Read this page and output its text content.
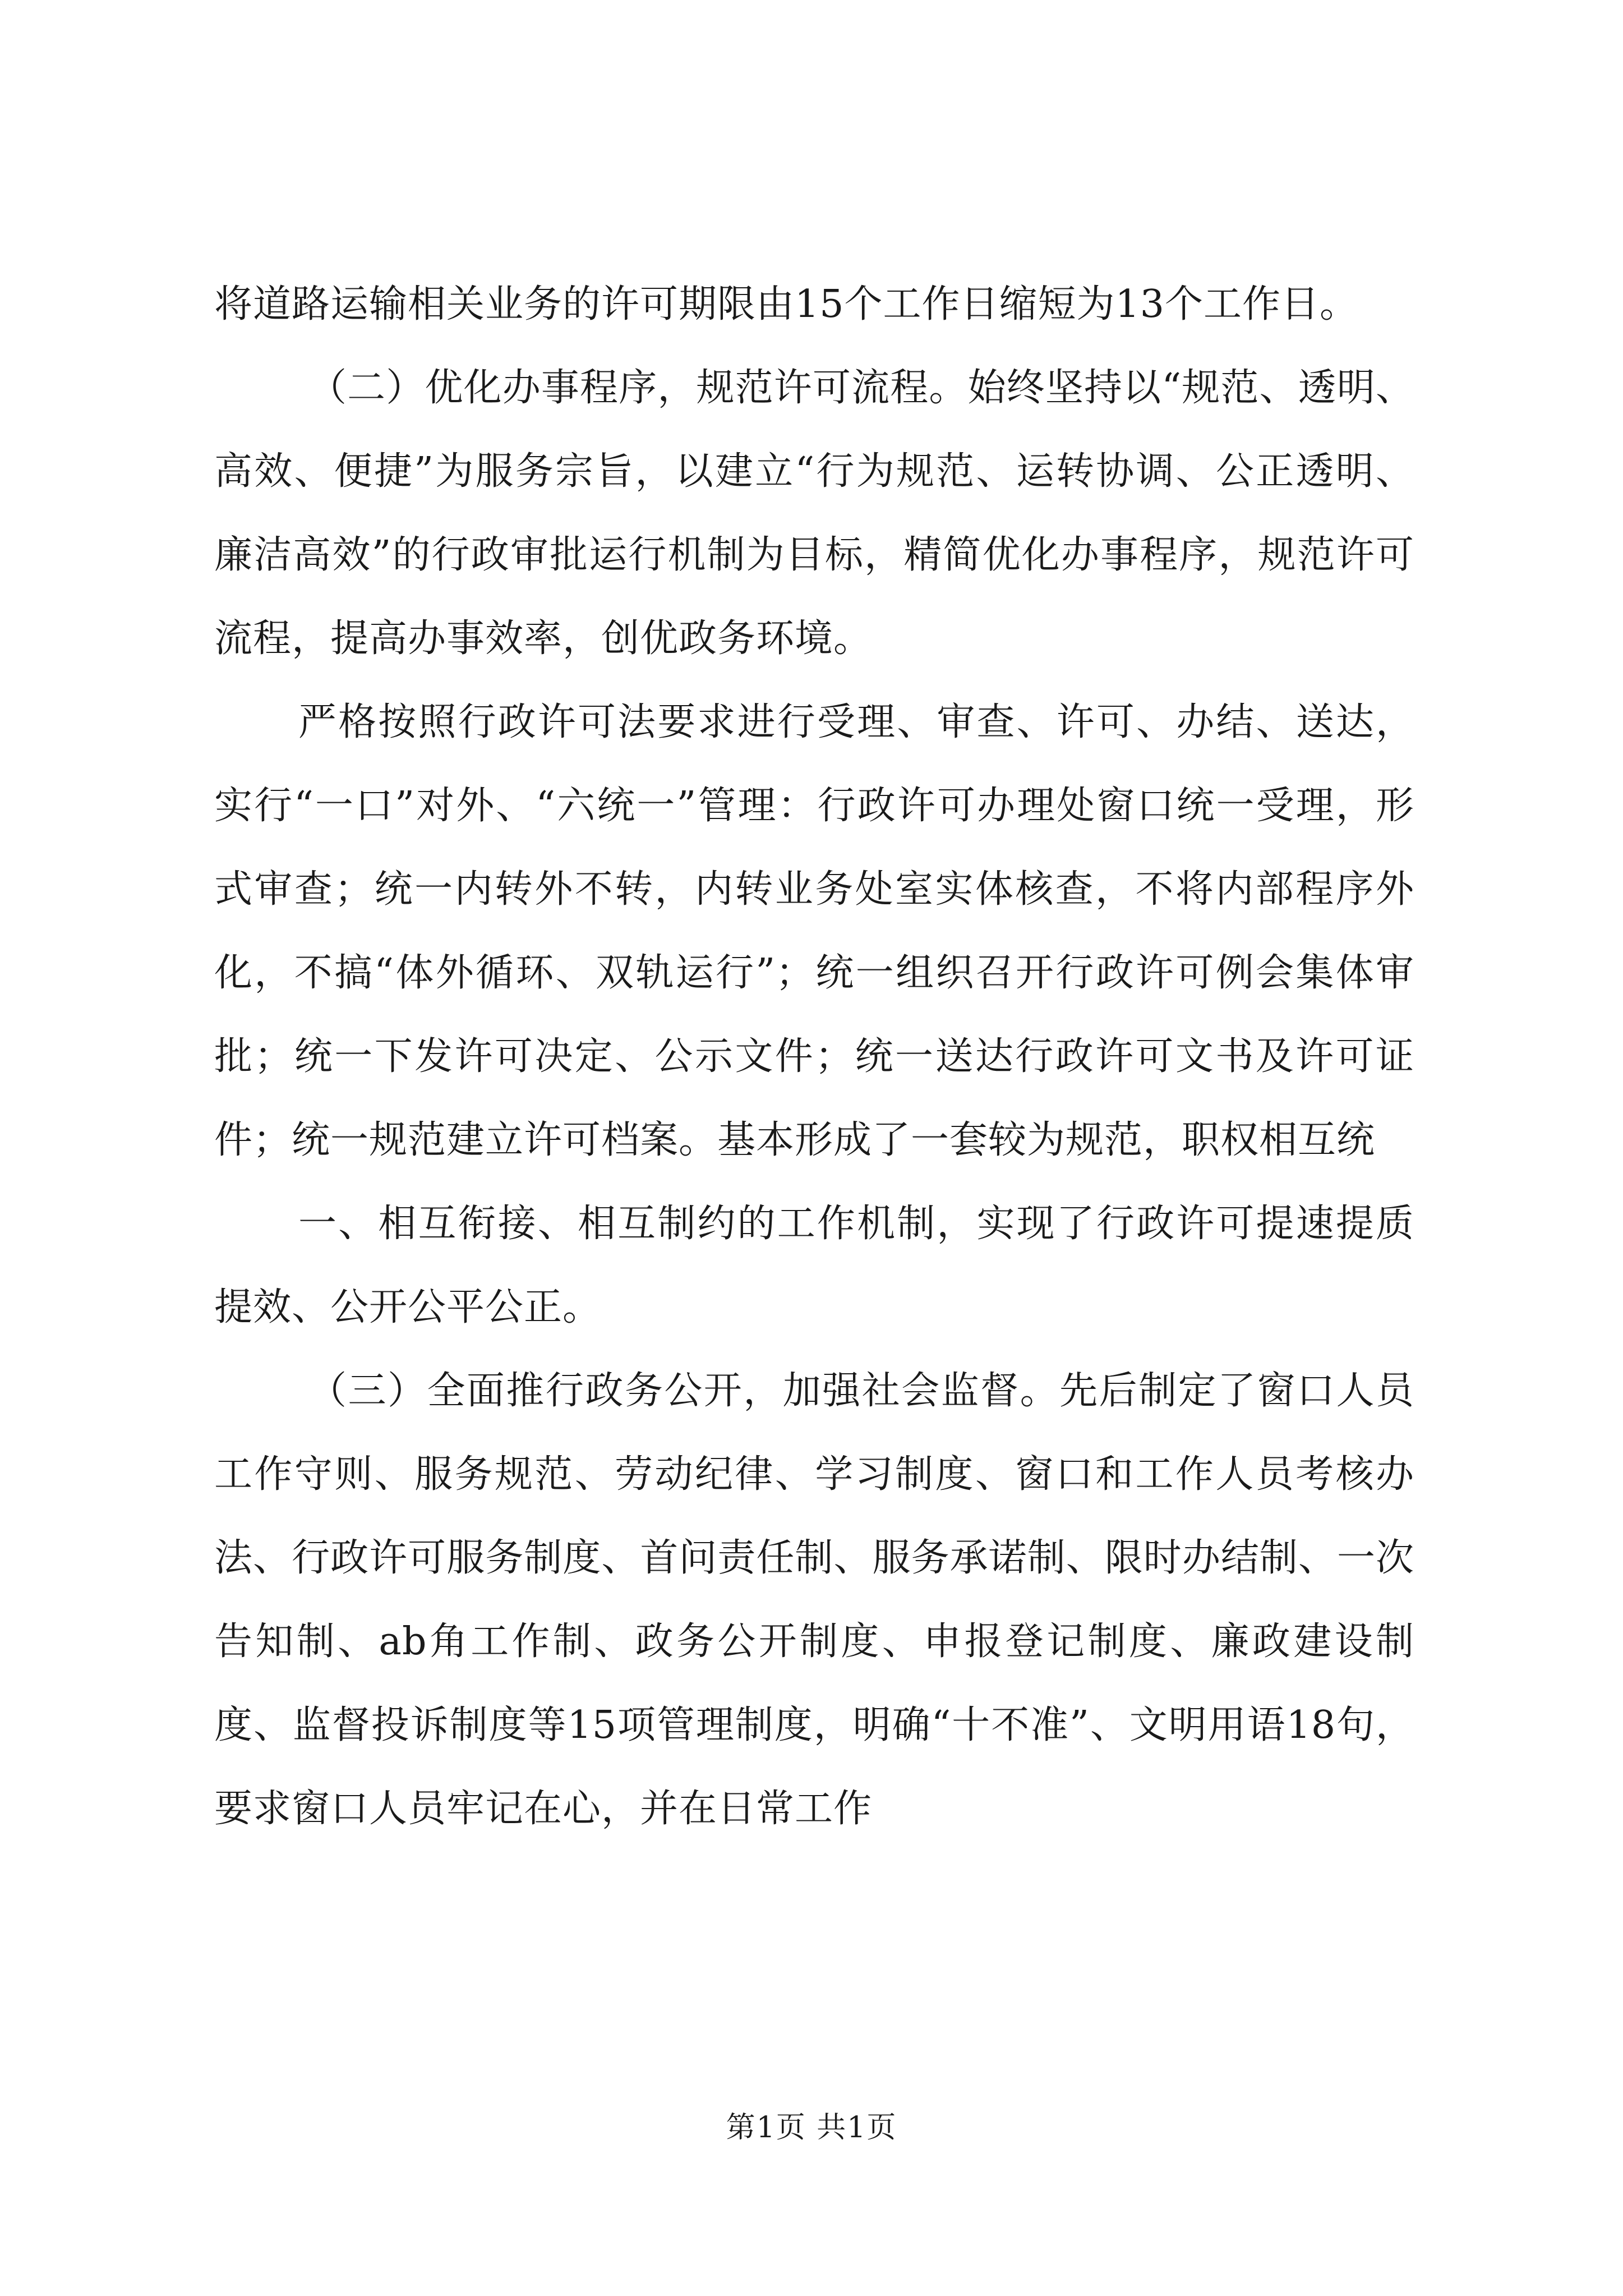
将道路运输相关业务的许可期限由15个工作日缩短为13个工作日。

（二）优化办事程序，规范许可流程。始终坚持以“规范、透明、高效、便捷”为服务宗旨，以建立“行为规范、运转协调、公正透明、廉洁高效”的行政审批运行机制为目标，精简优化办事程序，规范许可流程，提高办事效率，创优政务环境。

严格按照行政许可法要求进行受理、审查、许可、办结、送达，实行“一口”对外、“六统一”管理：行政许可办理处窗口统一受理，形式审查；统一内转外不转，内转业务处室实体核查，不将内部程序外化，不搞“体外循环、双轨运行”；统一组织召开行政许可例会集体审批；统一下发许可决定、公示文件；统一送达行政许可文书及许可证件；统一规范建立许可档案。基本形成了一套较为规范，职权相互统

一、相互衔接、相互制约的工作机制，实现了行政许可提速提质提效、公开公平公正。

（三）全面推行政务公开，加强社会监督。先后制定了窗口人员工作守则、服务规范、劳动纪律、学习制度、窗口和工作人员考核办法、行政许可服务制度、首问责任制、服务承诺制、限时办结制、一次告知制、ab角工作制、政务公开制度、申报登记制度、廉政建设制度、监督投诉制度等15项管理制度，明确“十不准”、文明用语18句，要求窗口人员牢记在心，并在日常工作

第1页 共1页
